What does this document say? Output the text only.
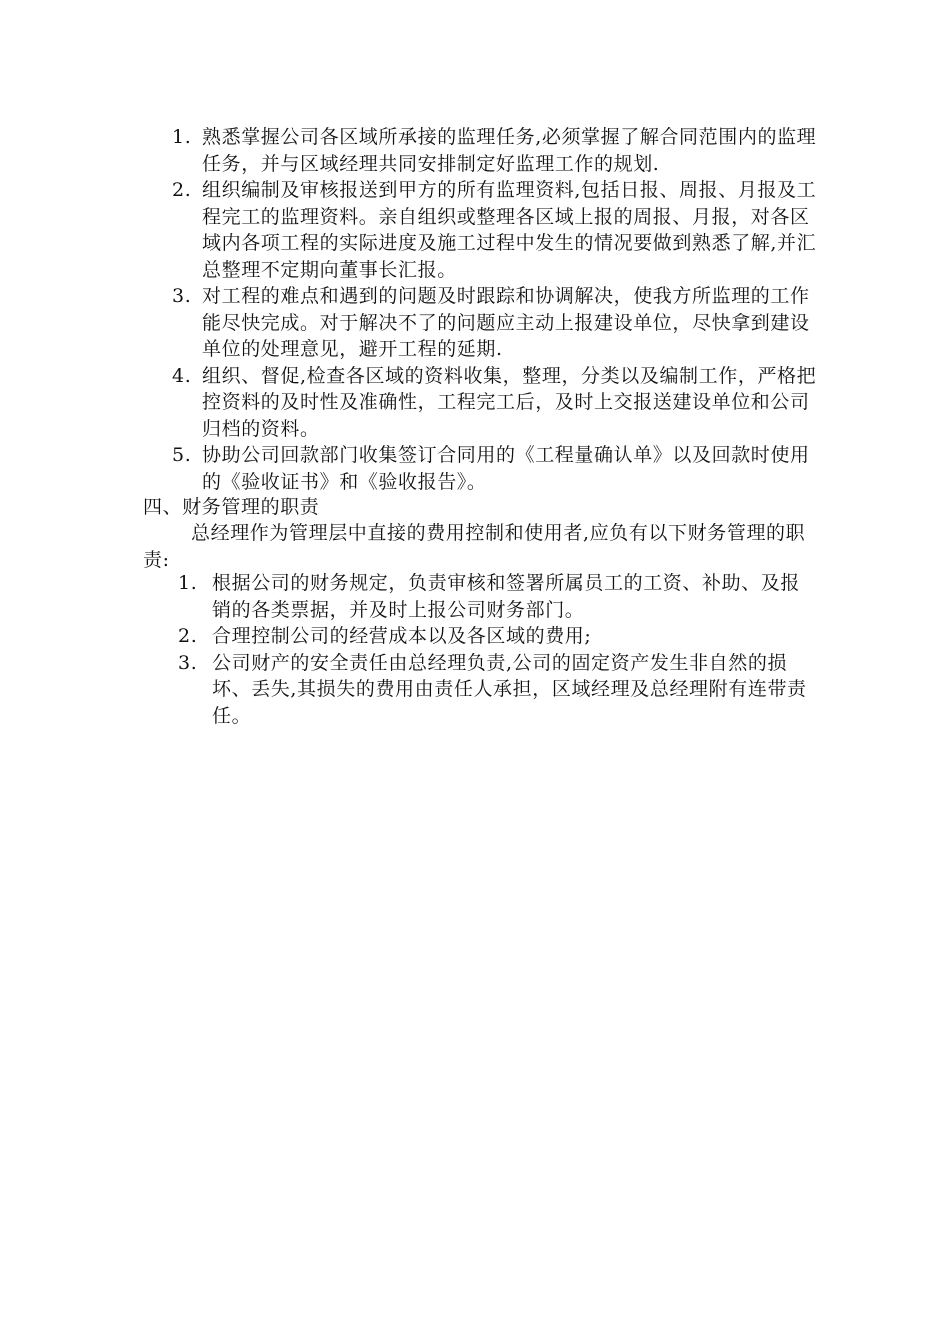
1. 熟悉掌握公司各区域所承接的监理任务,必须掌握了解合同范围内的监理任务，并与区域经理共同安排制定好监理工作的规划.
2. 组织编制及审核报送到甲方的所有监理资料,包括日报、周报、月报及工程完工的监理资料。亲自组织或整理各区域上报的周报、月报，对各区域内各项工程的实际进度及施工过程中发生的情况要做到熟悉了解,并汇总整理不定期向董事长汇报。
3. 对工程的难点和遇到的问题及时跟踪和协调解决，使我方所监理的工作能尽快完成。对于解决不了的问题应主动上报建设单位，尽快拿到建设单位的处理意见，避开工程的延期.
4. 组织、督促,检查各区域的资料收集，整理，分类以及编制工作，严格把控资料的及时性及准确性，工程完工后，及时上交报送建设单位和公司归档的资料。
5. 协助公司回款部门收集签订合同用的《工程量确认单》以及回款时使用的《验收证书》和《验收报告》。
四、财务管理的职责
总经理作为管理层中直接的费用控制和使用者,应负有以下财务管理的职责:
1. 根据公司的财务规定，负责审核和签署所属员工的工资、补助、及报销的各类票据，并及时上报公司财务部门。
2. 合理控制公司的经营成本以及各区域的费用;
3. 公司财产的安全责任由总经理负责,公司的固定资产发生非自然的损坏、丢失,其损失的费用由责任人承担，区域经理及总经理附有连带责任。
